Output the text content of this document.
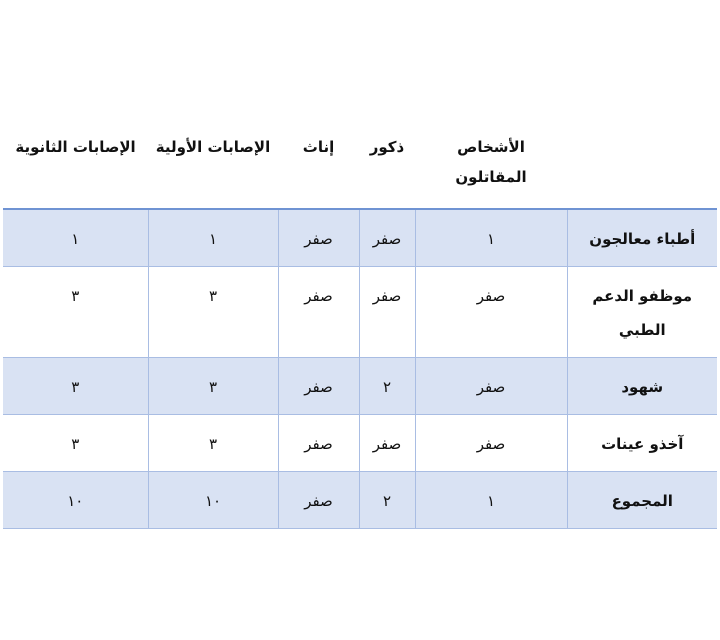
	الأشخاص المقاتلون	ذكور	إناث	الإصابات الأولية	الإصابات الثانوية
أطباء معالجون	١	صفر	صفر	١	١
موظفو الدعم الطبي	صفر	صفر	صفر	٣	٣
شهود	صفر	٢	صفر	٣	٣
آخذو عينات	صفر	صفر	صفر	٣	٣
المجموع	١	٢	صفر	١٠	١٠
